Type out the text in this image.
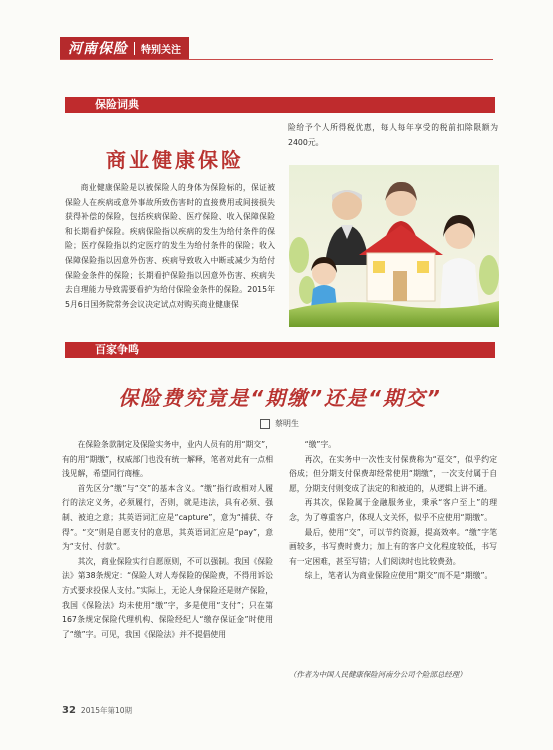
河南保险 特别关注
保险词典
商业健康保险
商业健康保险是以被保险人的身体为保险标的，保证被保险人在疾病或意外事故所致伤害时的直接费用或间接损失获得补偿的保险，包括疾病保险、医疗保险、收入保障保险和长期看护保险。疾病保险指以疾病的发生为给付条件的保险；医疗保险指以约定医疗的发生为给付条件的保险；收入保障保险指以因意外伤害、疾病导致收入中断或减少为给付保险金条件的保险；长期看护保险指以因意外伤害、疾病失去自理能力导致需要看护为给付保险金条件的保险。2015年5月6日国务院常务会议决定试点对购买商业健康保
险给予个人所得税优惠，每人每年享受的税前扣除限额为2400元。
百家争鸣
保险费究竟是“期缴”还是“期交”
蔡明生

在保险条款制定及保险实务中，业内人员有的用“期交”，有的用“期缴”，权威部门也没有统一解释，笔者对此有一点相浅见解，希望同行商榷。

首先区分“缴”与“交”的基本含义。“缴”指行政相对人履行的法定义务，必须履行，否则，就是违法，具有必须、强制、被迫之意；其英语词汇应是“capture”，意为“捕获、夺得”。“交”则是自愿支付的意思，其英语词汇应是“pay”，意为“支付、付款”。

其次，商业保险实行自愿原则，不可以强制。我国《保险法》第38条规定：“保险人对人寿保险的保险费，不得用诉讼方式要求投保人支付。”实际上，无论人身保险还是财产保险，我国《保险法》均未使用“缴”字，多是使用“支付”；只在第167条规定保险代理机构、保险经纪人“缴存保证金”时使用了“缴”字。可见，我国《保险法》并不提倡使用

“缴”字。

再次，在实务中一次性支付保费称为“趸交”，似乎约定俗成；但分期支付保费却经常使用“期缴”，一次支付属于自愿，分期支付则变成了法定的和被迫的，从逻辑上讲不通。

再其次，保险属于金融服务业，秉承“客户至上”的理念，为了尊重客户，体现人文关怀，似乎不应使用“期缴”。

最后，使用“交”，可以节约资源，提高效率。“缴”字笔画较多，书写费时费力；加上有的客户文化程度较低，书写有一定困难，甚至写错；人们阅读时也比较费劲。

综上，笔者认为商业保险应使用“期交”而不是“期缴”。

（作者为中国人民健康保险河南分公司个险部总经理）
32 2015年第10期
